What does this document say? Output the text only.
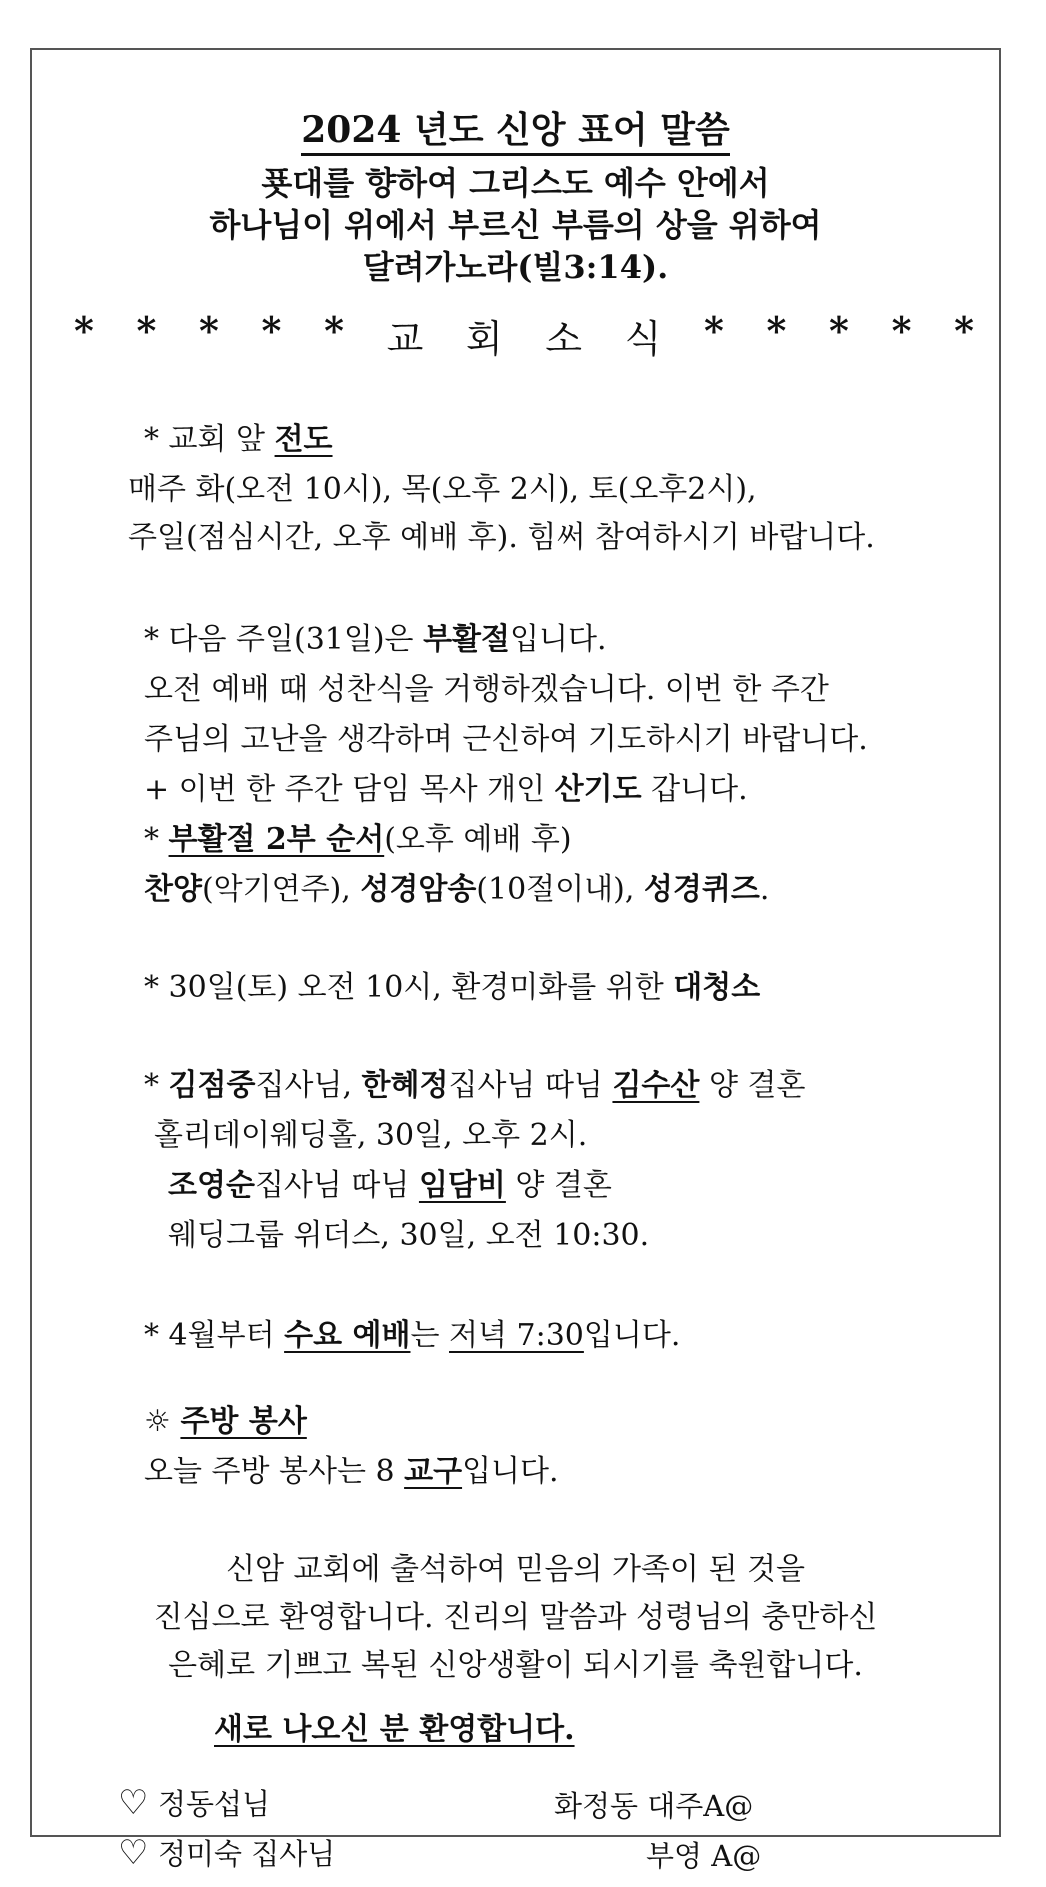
2024 년도 신앙 표어 말씀
푯대를 향하여 그리스도 예수 안에서
하나님이 위에서 부르신 부름의 상을 위하여
달려가노라(빌3:14).
* * * * * 교 회 소 식 * * * * *
* 교회 앞 전도
매주 화(오전 10시), 목(오후 2시), 토(오후2시),
주일(점심시간, 오후 예배 후). 힘써 참여하시기 바랍니다.
* 다음 주일(31일)은 부활절입니다.
오전 예배 때 성찬식을 거행하겠습니다. 이번 한 주간
주님의 고난을 생각하며 근신하여 기도하시기 바랍니다.
+ 이번 한 주간 담임 목사 개인 산기도 갑니다.
* 부활절 2부 순서(오후 예배 후)
찬양(악기연주), 성경암송(10절이내), 성경퀴즈.
* 30일(토) 오전 10시, 환경미화를 위한 대청소
* 김점중집사님, 한혜정집사님 따님 김수산 양 결혼
홀리데이웨딩홀, 30일, 오후 2시.
조영순집사님 따님 임담비 양 결혼
웨딩그룹 위더스, 30일, 오전 10:30.
* 4월부터 수요 예배는 저녁 7:30입니다.
☼ 주방 봉사
오늘 주방 봉사는 8 교구입니다.
신암 교회에 출석하여 믿음의 가족이 된 것을
진심으로 환영합니다. 진리의 말씀과 성령님의 충만하신
은혜로 기쁘고 복된 신앙생활이 되시기를 축원합니다.
새로 나오신 분 환영합니다.
♡ 정동섭님	화정동 대주A@
♡ 정미숙 집사님	부영 A@
